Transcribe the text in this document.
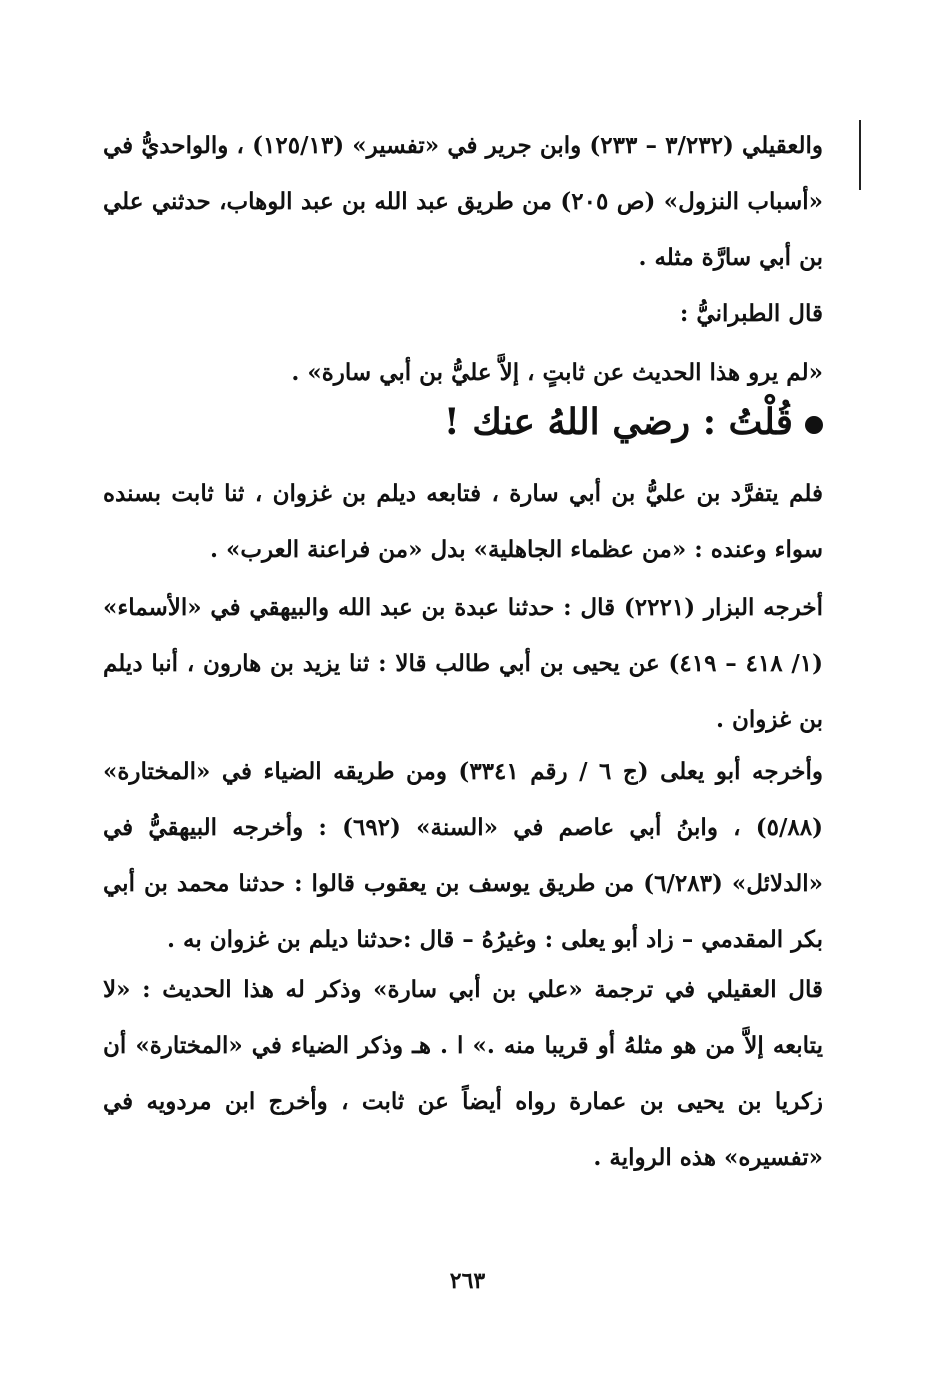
والعقيلي (٣/٢٣٢ – ٢٣٣) وابن جرير في «تفسير» (١٢٥/١٣) ، والواحديُّ في «أسباب النزول» (ص ٢٠٥) من طريق عبد الله بن عبد الوهاب، حدثني علي بن أبي سارَّة مثله .
قال الطبرانيُّ :
«لم يرو هذا الحديث عن ثابتٍ ، إلاَّ عليُّ بن أبي سارة» .
قُلْتُ : رضي اللهُ عنك !
فلم يتفرَّد بن عليُّ بن أبي سارة ، فتابعه ديلم بن غزوان ، ثنا ثابت بسنده سواء وعنده : «من عظماء الجاهلية» بدل «من فراعنة العرب» .
أخرجه البزار (٢٢٢١) قال : حدثنا عبدة بن عبد الله والبيهقي في «الأسماء» (١/ ٤١٨ – ٤١٩) عن يحيى بن أبي طالب قالا : ثنا يزيد بن هارون ، أنبا ديلم بن غزوان .
وأخرجه أبو يعلى (ج ٦ / رقم ٣٣٤١) ومن طريقه الضياء في «المختارة» (٥/٨٨) ، وابنُ أبي عاصم في «السنة» (٦٩٢) : وأخرجه البيهقيُّ في «الدلائل» (٦/٢٨٣) من طريق يوسف بن يعقوب قالوا : حدثنا محمد بن أبي بكر المقدمي – زاد أبو يعلى : وغيرُهُ – قال :حدثنا ديلم بن غزوان به .
قال العقيلي في ترجمة «علي بن أبي سارة» وذكر له هذا الحديث : «لا يتابعه إلاَّ من هو مثلهُ أو قريبا منه .» ا . هـ وذكر الضياء في «المختارة» أن زكريا بن يحيى بن عمارة رواه أيضاً عن ثابت ، وأخرج ابن مردويه في «تفسيره» هذه الرواية .
٢٦٣
